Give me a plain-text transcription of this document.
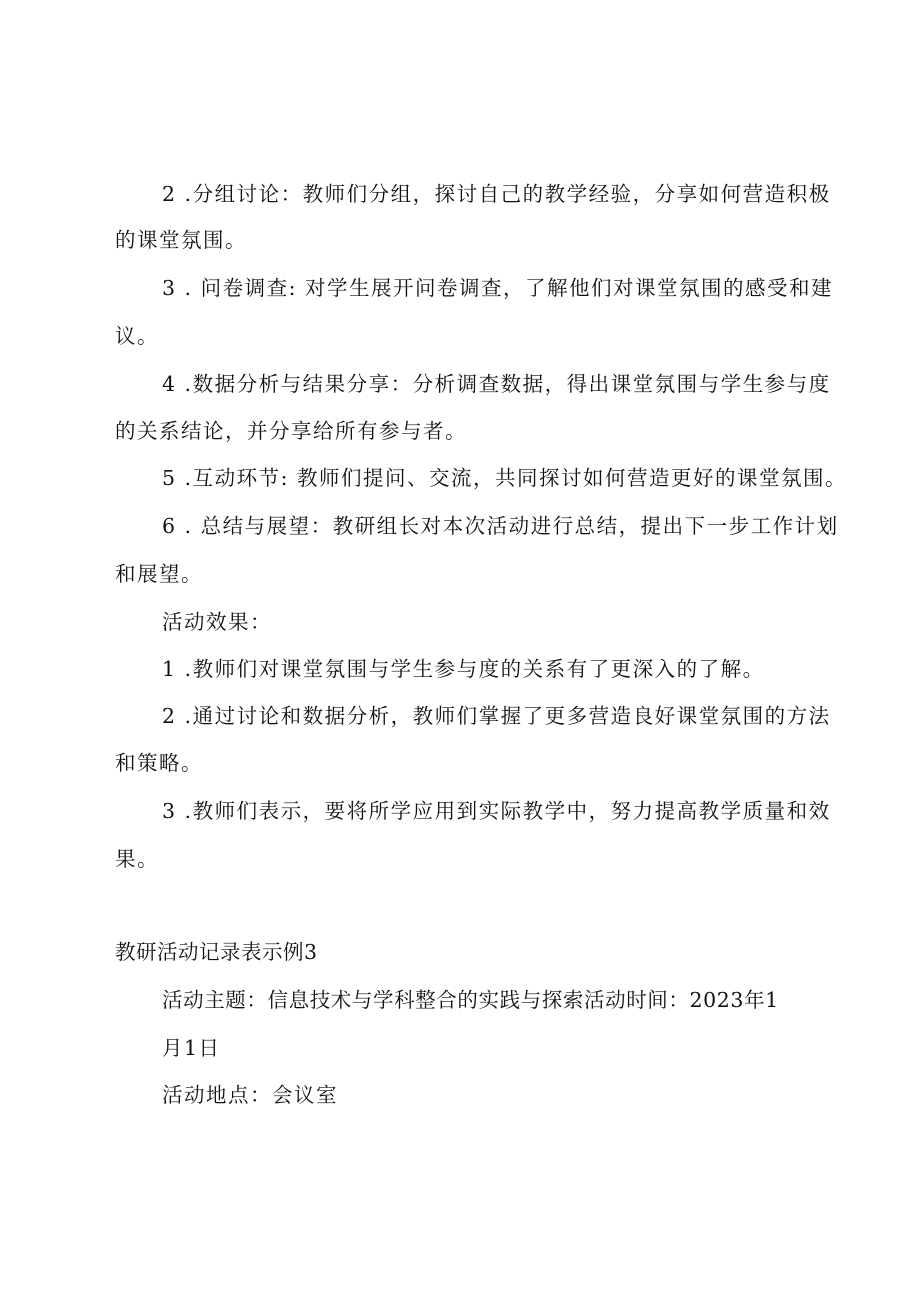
2 .分组讨论：教师们分组，探讨自己的教学经验，分享如何营造积极
的课堂氛围。
3 . 问卷调查: 对学生展开问卷调查，了解他们对课堂氛围的感受和建
议。
4 .数据分析与结果分享：分析调查数据，得出课堂氛围与学生参与度
的关系结论，并分享给所有参与者。
5 .互动环节: 教师们提问、交流，共同探讨如何营造更好的课堂氛围。
6 . 总结与展望：教研组长对本次活动进行总结，提出下一步工作计划
和展望。
活动效果：
1 .教师们对课堂氛围与学生参与度的关系有了更深入的了解。
2 .通过讨论和数据分析，教师们掌握了更多营造良好课堂氛围的方法
和策略。
3 .教师们表示，要将所学应用到实际教学中，努力提高教学质量和效
果。
教研活动记录表示例3
活动主题：信息技术与学科整合的实践与探索活动时间：2023年1
月1日
活动地点：会议室
